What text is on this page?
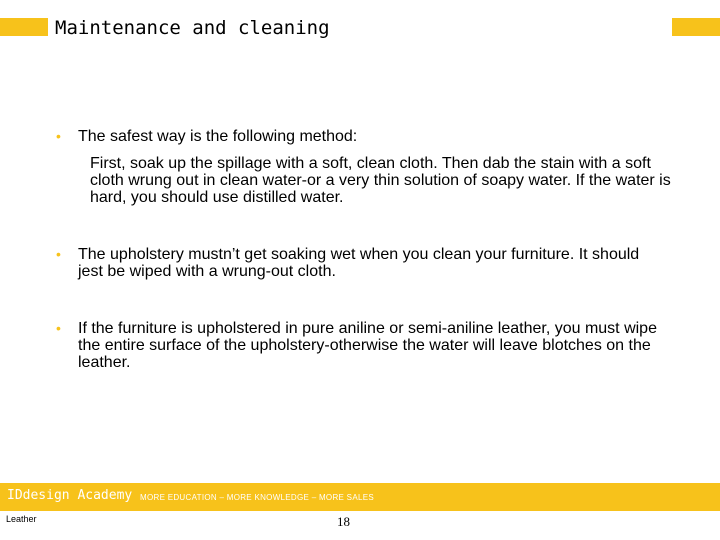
Maintenance and cleaning
• The safest way is the following method:
First, soak up the spillage with a soft, clean cloth. Then dab the stain with a soft cloth wrung out in clean water-or a very thin solution of soapy water. If the water is hard, you should use distilled water.
• The upholstery mustn’t get soaking wet when you clean your furniture. It should jest be wiped with a wrung-out cloth.
• If the furniture is upholstered in pure aniline or semi-aniline leather, you must wipe the entire surface of the upholstery-otherwise the water will leave blotches on the leather.
IDdesign Academy MORE EDUCATION – MORE KNOWLEDGE – MORE SALES
Leather	18
